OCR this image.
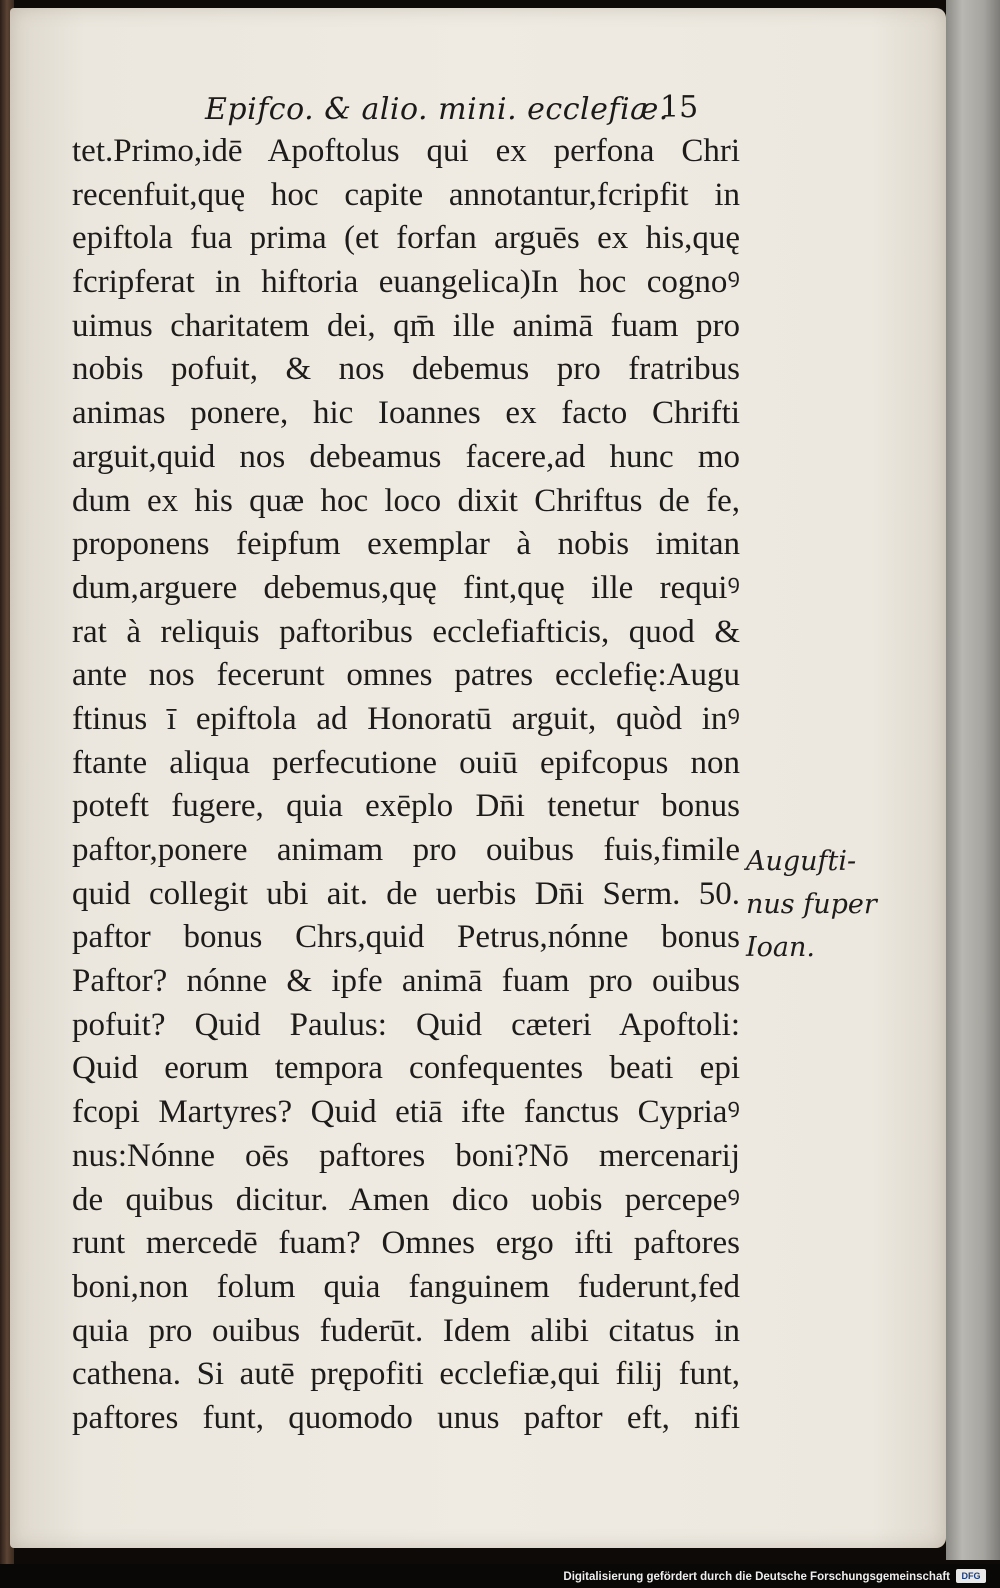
Epifco. & alio. mini. ecclefiæ.
15
tet.Primo,idē Apoftolus qui ex perfona Chri
recenfuit,quę hoc capite annotantur,fcripfit in
epiftola fua prima (et forfan arguēs ex his,quę
fcripferat in hiftoria euangelica)In hoc cognoꝰ
uimus charitatem dei, qm̄ ille animā fuam pro
nobis pofuit, & nos debemus pro fratribus
animas ponere, hic Ioannes ex facto Chrifti
arguit,quid nos debeamus facere,ad hunc mo
dum ex his quæ hoc loco dixit Chriftus de fe,
proponens feipfum exemplar à nobis imitan
dum,arguere debemus,quę fint,quę ille requiꝰ
rat à reliquis paftoribus ecclefiafticis, quod &
ante nos fecerunt omnes patres ecclefię:Augu
ftinus ī epiftola ad Honoratū arguit, quòd inꝰ
ftante aliqua perfecutione ouiū epifcopus non
poteft fugere, quia exēplo Dn̄i tenetur bonus
paftor,ponere animam pro ouibus fuis,fimile
quid collegit ubi ait. de uerbis Dn̄i Serm. 50.
paftor bonus Chrs,quid Petrus,nónne bonus
Paftor? nónne & ipfe animā fuam pro ouibus
pofuit? Quid Paulus: Quid cæteri Apoftoli:
Quid eorum tempora confequentes beati epi
fcopi Martyres? Quid etiā ifte fanctus Cypriaꝰ
nus:Nónne oēs paftores boni?Nō mercenarij
de quibus dicitur. Amen dico uobis percepeꝰ
runt mercedē fuam? Omnes ergo ifti paftores
boni,non folum quia fanguinem fuderunt,fed
quia pro ouibus fuderūt. Idem alibi citatus in
cathena. Si autē prępofiti ecclefiæ,qui filij funt,
paftores funt, quomodo unus paftor eft, nifi
Augufti-
nus fuper
Ioan.
Digitalisierung gefördert durch die Deutsche Forschungsgemeinschaft	DFG
